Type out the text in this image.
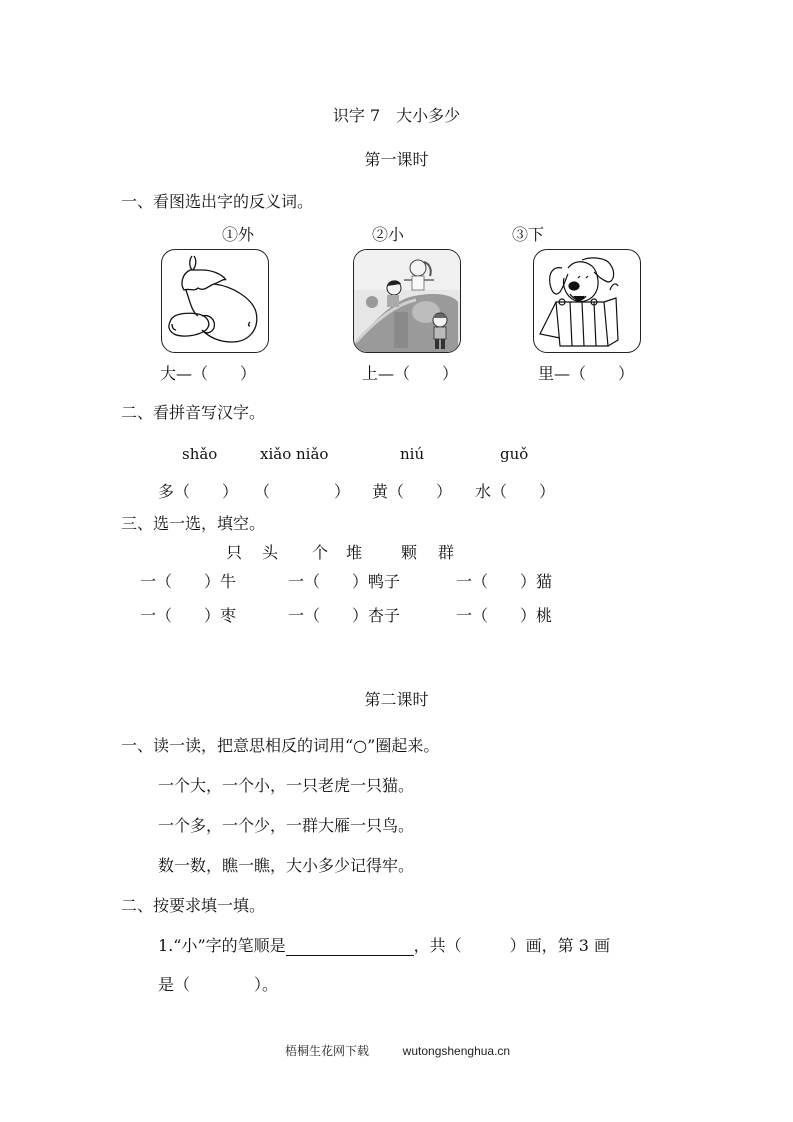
识字 7　大小多少
第一课时
一、看图选出字的反义词。
①外	②小	③下
大—（　　）	上—（　　）	里—（　　）
二、看拼音写汉字。
shǎo	xiǎo niǎo	niú	guǒ
多（　　） （　　　　） 黄（　　） 水（　　）
三、选一选，填空。
只 头 个 堆 颗 群
一（　　）牛	一（　　）鸭子	一（　　）猫
一（　　）枣	一（　　）杏子	一（　　）桃
第二课时
一、读一读，把意思相反的词用“○”圈起来。
一个大，一个小，一只老虎一只猫。
一个多，一个少，一群大雁一只鸟。
数一数，瞧一瞧，大小多少记得牢。
二、按要求填一填。
1.“小”字的笔顺是	，共（　　　）画，第 3 画
是（　　　　）。
梧桐生花网下载	wutongshenghua.cn
